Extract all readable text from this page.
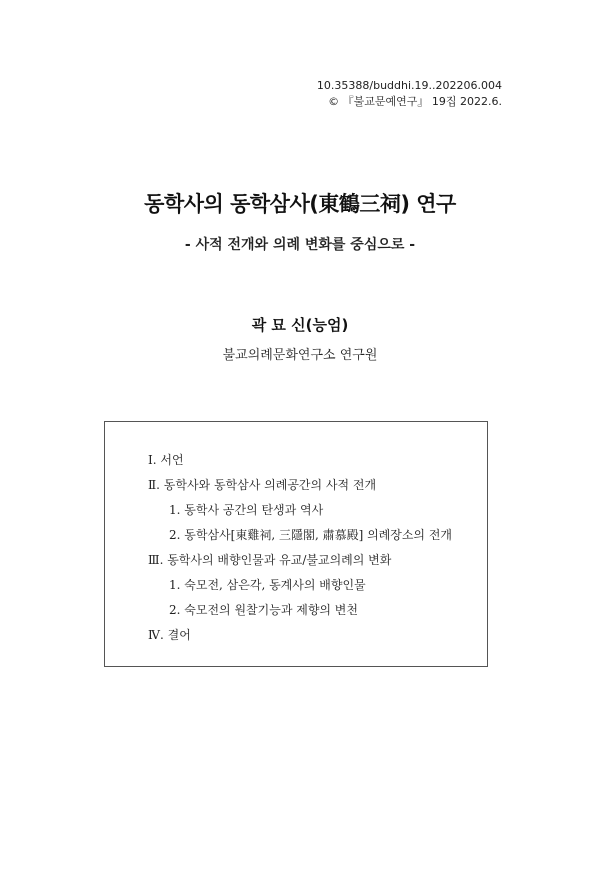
10.35388/buddhi.19..202206.004
© 『불교문예연구』 19집 2022.6.
동학사의 동학삼사(東鶴三祠) 연구
- 사적 전개와 의례 변화를 중심으로 -
곽 묘 신(능엄)
불교의례문화연구소 연구원
Ⅰ. 서언
Ⅱ. 동학사와 동학삼사 의례공간의 사적 전개
1. 동학사 공간의 탄생과 역사
2. 동학삼사[東雞祠, 三隱閣, 肅慕殿] 의례장소의 전개
Ⅲ. 동학사의 배향인물과 유교/불교의례의 변화
1. 숙모전, 삼은각, 동계사의 배향인물
2. 숙모전의 원찰기능과 제향의 변천
Ⅳ. 결어
